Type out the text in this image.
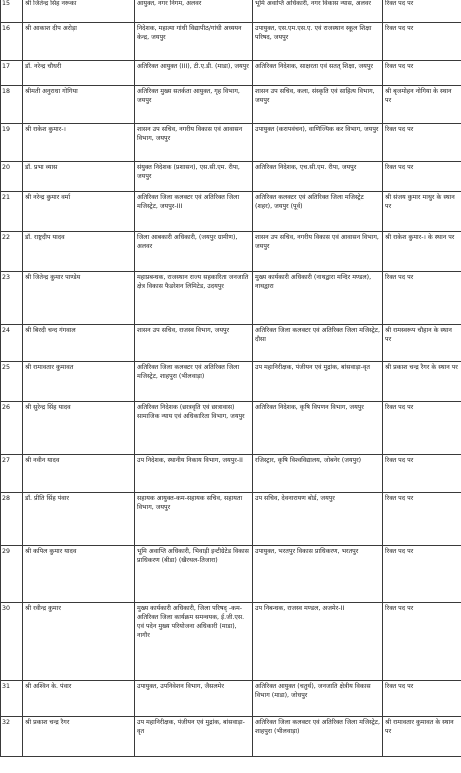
15	श्री जितेन्द्र सिंह नरूका	आयुक्त, नगर निगम, अलवर	भूमि अवाप्ति अधिकारी, नगर विकास न्यास, अलवर	रिक्त पद पर
16	श्री आकाश दीप अरोड़ा	निदेशक, महात्मा गांधी विद्यापीठ/गांधी अध्ययन केन्द्र, जयपुर	उपायुक्त, एस.एम.एस.ए. एवं राजस्थान स्कूल शिक्षा परिषद, जयपुर	रिक्त पद पर
17	डॉ. नरेन्द्र चौधरी	अतिरिक्त आयुक्त (III), टी.ए.डी. (माडा), जयपुर	अतिरिक्त निदेशक, साक्षरता एवं सतत् शिक्षा, जयपुर	रिक्त पद पर
18	श्रीमती अनुराधा गोगिया	अतिरिक्त मुख्य सतर्कता आयुक्त, गृह विभाग, जयपुर	शासन उप सचिव, कला, संस्कृति एवं साहित्य विभाग, जयपुर	श्री बृजमोहन नोगिया के स्थान पर
19	श्री राकेश कुमार-।	शासन उप सचिव, नगरीय विकास एवं आवासन विभाग, जयपुर	उपायुक्त (करापवंचन), वाणिज्यिक कर विभाग, जयपुर	रिक्त पद पर
20	डॉ. प्रभा व्यास	संयुक्त निदेशक (प्रशासन), एस.सी.एम. रीपा, जयपुर	अतिरिक्त निदेशक, एच.सी.एम. रीपा, जयपुर	रिक्त पद पर
21	श्री नरेन्द्र कुमार वर्मा	अतिरिक्त जिला कलक्टर एवं अतिरिक्त जिला मजिस्ट्रेट, जयपुर-III	अतिरिक्त कलक्टर एवं अतिरिक्त जिला मजिस्ट्रेट (शहर), जयपुर (पूर्व)	श्री संजय कुमार माथुर के स्थान पर
22	डॉ. राष्ट्रदीप यादव	जिला आबकारी अधिकारी, (जयपुर ग्रामीण), अलवर	शासन उप सचिव, नगरीय विकास एवं आवासन विभाग, जयपुर	श्री राकेश कुमार-। के स्थान पर
23	श्री जितेन्द्र कुमार पाण्डेय	महाप्रबन्धक, राजस्थान राज्य सहकारिता जनजाति क्षेत्र विकास फैडरेशन लिमिटेड, उदयपुर	मुख्य कार्यकारी अधिकारी (नाथद्वारा मन्दिर मण्डल), नाथद्वारा	रिक्त पद पर
24	श्री बिरदी चन्द गंगवाल	शासन उप सचिव, राजस्व विभाग, जयपुर	अतिरिक्त जिला कलक्टर एवं अतिरिक्त जिला मजिस्ट्रेट, दौसा	श्री रामस्वरूप चौहान के स्थान पर
25	श्री रामावतार कुमावत	अतिरिक्त जिला कलक्टर एवं अतिरिक्त जिला मजिस्ट्रेट, शाहपुरा (भीलवाड़ा)	उप महानिरीक्षक, पंजीयन एवं मुद्रांक, बांसवाड़ा-वृत	श्री प्रकाश चन्द्र रैगर के स्थान पर
26	श्री सुरेन्द्र सिंह यादव	अतिरिक्त निदेशक (छात्रवृति एवं छात्रावास) सामाजिक न्याय एवं अधिकारिता विभाग, जयपुर	अतिरिक्त निदेशक, कृषि विपणन विभाग, जयपुर	रिक्त पद पर
27	श्री नवीन यादव	उप निदेशक, स्थानीय निकाय विभाग, जयपुर-II	रजिस्ट्रार, कृषि विश्वविद्यालय, जोबनेर (जयपुर)	रिक्त पद पर
28	डॉ. प्रीति सिंह पंवार	सहायक आयुक्त-कम-सहायक सचिव, सहायता विभाग, जयपुर	उप सचिव, देवनारायण बोर्ड, जयपुर	रिक्त पद पर
29	श्री कपिल कुमार यादव	भूमि अवाप्ति अधिकारी, भिवाड़ी इन्टीग्रेटेड विकास प्राधिकरण (बीडा) (खैरथल-तिजारा)	उपायुक्त, भरतपुर विकास प्राधिकरण, भरतपुर	रिक्त पद पर
30	श्री रवीन्द्र कुमार	मुख्य कार्यकारी अधिकारी, जिला परिषद् -कम- अतिरिक्त जिला कार्यक्रम समन्वयक, ई.जी.एस. एवं पदेन मुख्य परियोजना अधिकारी (माडा), नागौर	उप निबन्धक, राजस्व मण्डल, अजमेर-II	रिक्त पद पर
31	श्री अश्विन के. पंवार	उपायुक्त, उपनिवेशन विभाग, जैसलमेर	अतिरिक्त आयुक्त (चतुर्थ), जनजाति क्षेत्रीय विकास विभाग (माडा), जोधपुर	रिक्त पद पर
32	श्री प्रकाश चन्द्र रैगर	उप महानिरीक्षक, पंजीयन एवं मुद्रांक, बांसवाड़ा-वृत	अतिरिक्त जिला कलक्टर एवं अतिरिक्त जिला मजिस्ट्रेट, शाहपुरा (भीलवाड़ा)	श्री रामावतार कुमावत के स्थान पर
